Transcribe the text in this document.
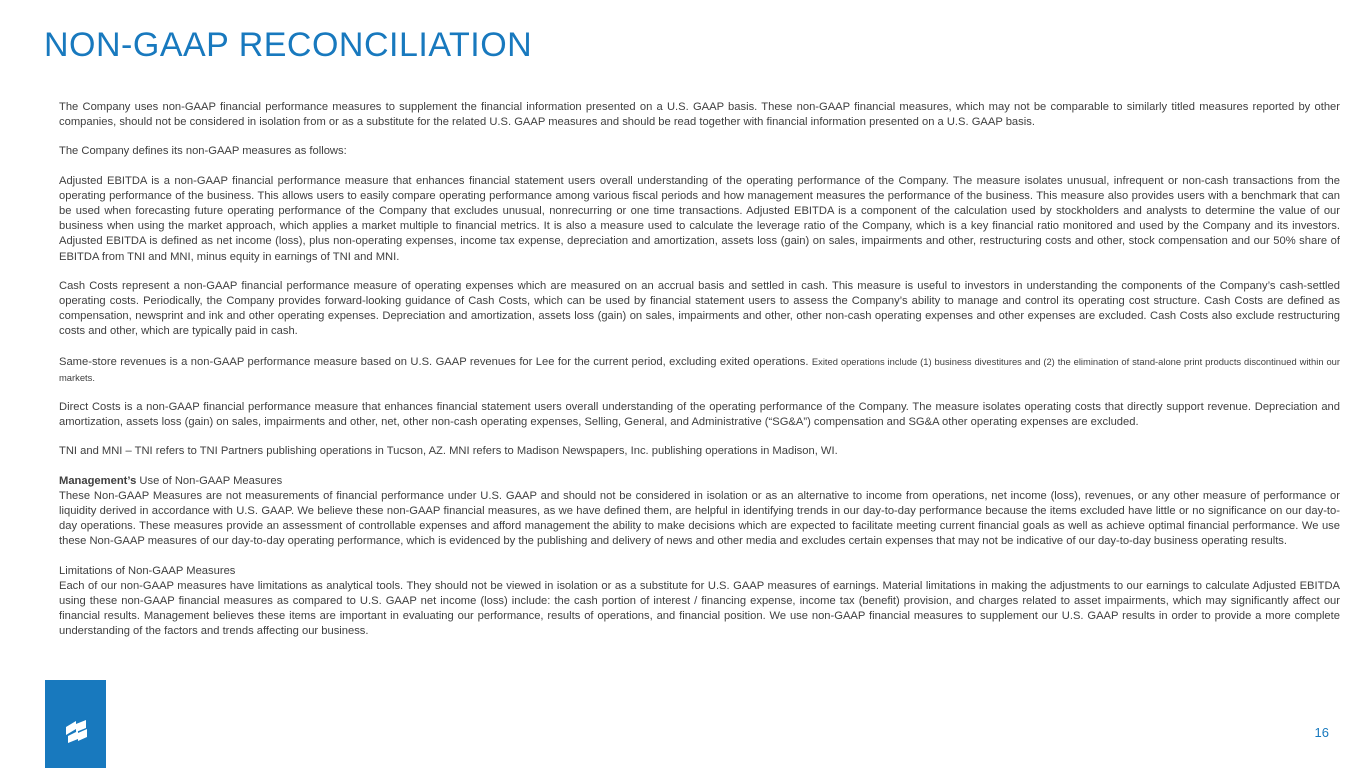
NON-GAAP RECONCILIATION

The Company uses non-GAAP financial performance measures to supplement the financial information presented on a U.S. GAAP basis. These non-GAAP financial measures, which may not be comparable to similarly titled measures reported by other companies, should not be considered in isolation from or as a substitute for the related U.S. GAAP measures and should be read together with financial information presented on a U.S. GAAP basis.

The Company defines its non-GAAP measures as follows:

Adjusted EBITDA is a non-GAAP financial performance measure that enhances financial statement users overall understanding of the operating performance of the Company. The measure isolates unusual, infrequent or non-cash transactions from the operating performance of the business. This allows users to easily compare operating performance among various fiscal periods and how management measures the performance of the business. This measure also provides users with a benchmark that can be used when forecasting future operating performance of the Company that excludes unusual, nonrecurring or one time transactions. Adjusted EBITDA is a component of the calculation used by stockholders and analysts to determine the value of our business when using the market approach, which applies a market multiple to financial metrics. It is also a measure used to calculate the leverage ratio of the Company, which is a key financial ratio monitored and used by the Company and its investors. Adjusted EBITDA is defined as net income (loss), plus non-operating expenses, income tax expense, depreciation and amortization, assets loss (gain) on sales, impairments and other, restructuring costs and other, stock compensation and our 50% share of EBITDA from TNI and MNI, minus equity in earnings of TNI and MNI.

Cash Costs represent a non-GAAP financial performance measure of operating expenses which are measured on an accrual basis and settled in cash. This measure is useful to investors in understanding the components of the Company’s cash-settled operating costs. Periodically, the Company provides forward-looking guidance of Cash Costs, which can be used by financial statement users to assess the Company’s ability to manage and control its operating cost structure. Cash Costs are defined as compensation, newsprint and ink and other operating expenses. Depreciation and amortization, assets loss (gain) on sales, impairments and other, other non-cash operating expenses and other expenses are excluded. Cash Costs also exclude restructuring costs and other, which are typically paid in cash.

Same-store revenues is a non-GAAP performance measure based on U.S. GAAP revenues for Lee for the current period, excluding exited operations. Exited operations include (1) business divestitures and (2) the elimination of stand-alone print products discontinued within our markets.

Direct Costs is a non-GAAP financial performance measure that enhances financial statement users overall understanding of the operating performance of the Company. The measure isolates operating costs that directly support revenue. Depreciation and amortization, assets loss (gain) on sales, impairments and other, net, other non-cash operating expenses, Selling, General, and Administrative (“SG&A”) compensation and SG&A other operating expenses are excluded.

TNI and MNI – TNI refers to TNI Partners publishing operations in Tucson, AZ. MNI refers to Madison Newspapers, Inc. publishing operations in Madison, WI.

Management’s Use of Non-GAAP Measures
These Non-GAAP Measures are not measurements of financial performance under U.S. GAAP and should not be considered in isolation or as an alternative to income from operations, net income (loss), revenues, or any other measure of performance or liquidity derived in accordance with U.S. GAAP. We believe these non-GAAP financial measures, as we have defined them, are helpful in identifying trends in our day-to-day performance because the items excluded have little or no significance on our day-to-day operations. These measures provide an assessment of controllable expenses and afford management the ability to make decisions which are expected to facilitate meeting current financial goals as well as achieve optimal financial performance. We use these Non-GAAP measures of our day-to-day operating performance, which is evidenced by the publishing and delivery of news and other media and excludes certain expenses that may not be indicative of our day-to-day business operating results.

Limitations of Non-GAAP Measures
Each of our non-GAAP measures have limitations as analytical tools. They should not be viewed in isolation or as a substitute for U.S. GAAP measures of earnings. Material limitations in making the adjustments to our earnings to calculate Adjusted EBITDA using these non-GAAP financial measures as compared to U.S. GAAP net income (loss) include: the cash portion of interest / financing expense, income tax (benefit) provision, and charges related to asset impairments, which may significantly affect our financial results. Management believes these items are important in evaluating our performance, results of operations, and financial position. We use non-GAAP financial measures to supplement our U.S. GAAP results in order to provide a more complete understanding of the factors and trends affecting our business.

16
